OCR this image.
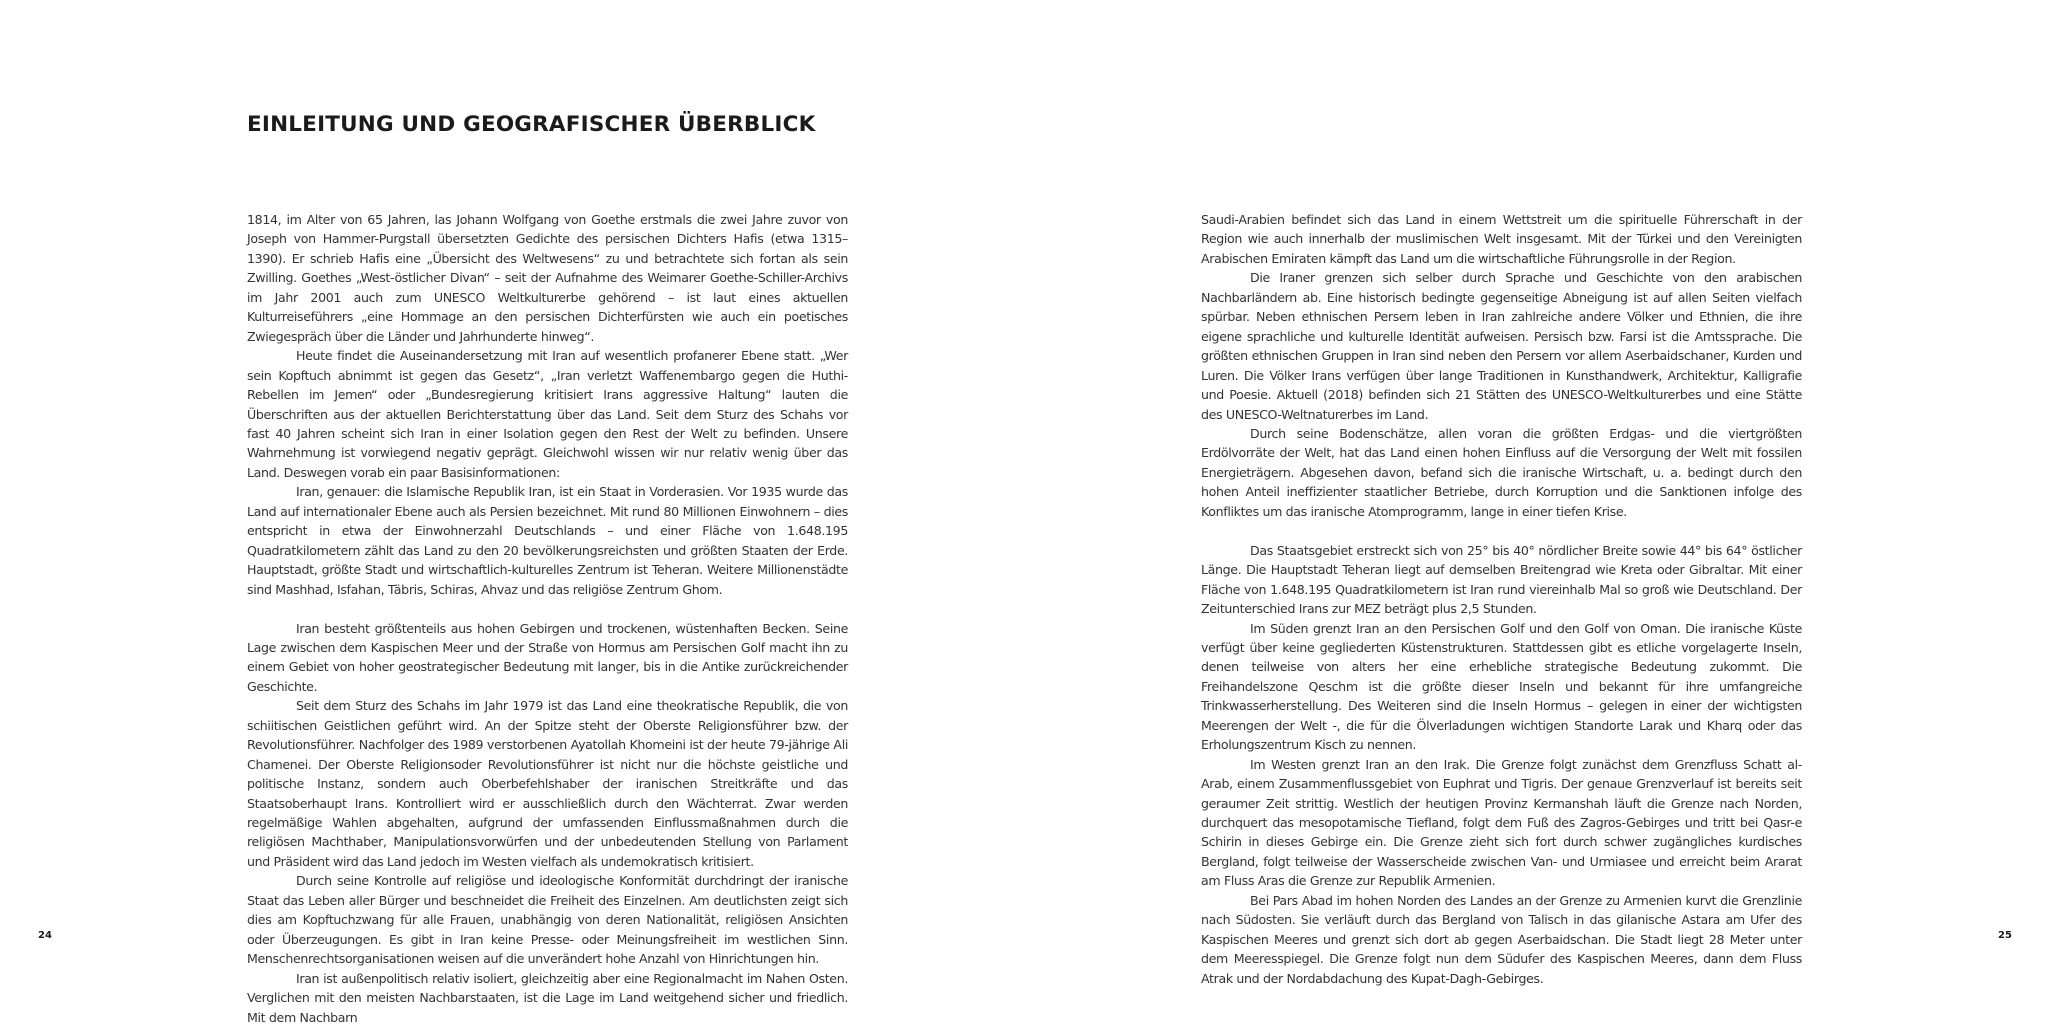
EINLEITUNG UND GEOGRAFISCHER ÜBERBLICK

1814, im Alter von 65 Jahren, las Johann Wolfgang von Goethe erstmals die zwei Jahre zuvor von Joseph von Hammer-Purgstall übersetzten Gedichte des persischen Dichters Hafis (etwa 1315–1390). Er schrieb Hafis eine „Übersicht des Weltwesens“ zu und betrachtete sich fortan als sein Zwilling. Goethes „West-östlicher Divan“ – seit der Aufnahme des Weimarer Goethe-Schiller-Archivs im Jahr 2001 auch zum UNESCO Weltkulturerbe gehörend – ist laut eines aktuellen Kulturreiseführers „eine Hommage an den persischen Dichterfürsten wie auch ein poetisches Zwiegespräch über die Länder und Jahrhunderte hinweg“.

Heute findet die Auseinandersetzung mit Iran auf wesentlich profanerer Ebene statt. „Wer sein Kopftuch abnimmt ist gegen das Gesetz“, „Iran verletzt Waffenembargo gegen die Huthi-Rebellen im Jemen“ oder „Bundesregierung kritisiert Irans aggressive Haltung“ lauten die Überschriften aus der aktuellen Berichterstattung über das Land. Seit dem Sturz des Schahs vor fast 40 Jahren scheint sich Iran in einer Isolation gegen den Rest der Welt zu befinden. Unsere Wahrnehmung ist vorwiegend negativ geprägt. Gleichwohl wissen wir nur relativ wenig über das Land. Deswegen vorab ein paar Basisinformationen:

Iran, genauer: die Islamische Republik Iran, ist ein Staat in Vorderasien. Vor 1935 wurde das Land auf internationaler Ebene auch als Persien bezeichnet. Mit rund 80 Millionen Einwohnern – dies entspricht in etwa der Einwohnerzahl Deutschlands – und einer Fläche von 1.648.195 Quadratkilometern zählt das Land zu den 20 bevölkerungsreichsten und größten Staaten der Erde. Hauptstadt, größte Stadt und wirtschaftlich-kulturelles Zentrum ist Teheran. Weitere Millionenstädte sind Mashhad, Isfahan, Täbris, Schiras, Ahvaz und das religiöse Zentrum Ghom.

Iran besteht größtenteils aus hohen Gebirgen und trockenen, wüstenhaften Becken. Seine Lage zwischen dem Kaspischen Meer und der Straße von Hormus am Persischen Golf macht ihn zu einem Gebiet von hoher geostrategischer Bedeutung mit langer, bis in die Antike zurückreichender Geschichte.

Seit dem Sturz des Schahs im Jahr 1979 ist das Land eine theokratische Republik, die von schiitischen Geistlichen geführt wird. An der Spitze steht der Oberste Religionsführer bzw. der Revolutionsführer. Nachfolger des 1989 verstorbenen Ayatollah Khomeini ist der heute 79-jährige Ali Chamenei. Der Oberste Religionsoder Revolutionsführer ist nicht nur die höchste geistliche und politische Instanz, sondern auch Oberbefehlshaber der iranischen Streitkräfte und das Staatsoberhaupt Irans. Kontrolliert wird er ausschließlich durch den Wächterrat. Zwar werden regelmäßige Wahlen abgehalten, aufgrund der umfassenden Einflussmaßnahmen durch die religiösen Machthaber, Manipulationsvorwürfen und der unbedeutenden Stellung von Parlament und Präsident wird das Land jedoch im Westen vielfach als undemokratisch kritisiert.

Durch seine Kontrolle auf religiöse und ideologische Konformität durchdringt der iranische Staat das Leben aller Bürger und beschneidet die Freiheit des Einzelnen. Am deutlichsten zeigt sich dies am Kopftuchzwang für alle Frauen, unabhängig von deren Nationalität, religiösen Ansichten oder Überzeugungen. Es gibt in Iran keine Presse- oder Meinungsfreiheit im westlichen Sinn. Menschenrechtsorganisationen weisen auf die unverändert hohe Anzahl von Hinrichtungen hin.

Iran ist außenpolitisch relativ isoliert, gleichzeitig aber eine Regionalmacht im Nahen Osten. Verglichen mit den meisten Nachbarstaaten, ist die Lage im Land weitgehend sicher und friedlich. Mit dem Nachbarn

24

Saudi-Arabien befindet sich das Land in einem Wettstreit um die spirituelle Führerschaft in der Region wie auch innerhalb der muslimischen Welt insgesamt. Mit der Türkei und den Vereinigten Arabischen Emiraten kämpft das Land um die wirtschaftliche Führungsrolle in der Region.

Die Iraner grenzen sich selber durch Sprache und Geschichte von den arabischen Nachbarländern ab. Eine historisch bedingte gegenseitige Abneigung ist auf allen Seiten vielfach spürbar. Neben ethnischen Persern leben in Iran zahlreiche andere Völker und Ethnien, die ihre eigene sprachliche und kulturelle Identität aufweisen. Persisch bzw. Farsi ist die Amtssprache. Die größten ethnischen Gruppen in Iran sind neben den Persern vor allem Aserbaidschaner, Kurden und Luren. Die Völker Irans verfügen über lange Traditionen in Kunsthandwerk, Architektur, Kalligrafie und Poesie. Aktuell (2018) befinden sich 21 Stätten des UNESCO-Weltkulturerbes und eine Stätte des UNESCO-Weltnaturerbes im Land.

Durch seine Bodenschätze, allen voran die größten Erdgas- und die viertgrößten Erdölvorräte der Welt, hat das Land einen hohen Einfluss auf die Versorgung der Welt mit fossilen Energieträgern. Abgesehen davon, befand sich die iranische Wirtschaft, u. a. bedingt durch den hohen Anteil ineffizienter staatlicher Betriebe, durch Korruption und die Sanktionen infolge des Konfliktes um das iranische Atomprogramm, lange in einer tiefen Krise.

Das Staatsgebiet erstreckt sich von 25° bis 40° nördlicher Breite sowie 44° bis 64° östlicher Länge. Die Hauptstadt Teheran liegt auf demselben Breitengrad wie Kreta oder Gibraltar. Mit einer Fläche von 1.648.195 Quadratkilometern ist Iran rund viereinhalb Mal so groß wie Deutschland. Der Zeitunterschied Irans zur MEZ beträgt plus 2,5 Stunden.

Im Süden grenzt Iran an den Persischen Golf und den Golf von Oman. Die iranische Küste verfügt über keine gegliederten Küstenstrukturen. Stattdessen gibt es etliche vorgelagerte Inseln, denen teilweise von alters her eine erhebliche strategische Bedeutung zukommt. Die Freihandelszone Qeschm ist die größte dieser Inseln und bekannt für ihre umfangreiche Trinkwasserherstellung. Des Weiteren sind die Inseln Hormus – gelegen in einer der wichtigsten Meerengen der Welt -, die für die Ölverladungen wichtigen Standorte Larak und Kharq oder das Erholungszentrum Kisch zu nennen.

Im Westen grenzt Iran an den Irak. Die Grenze folgt zunächst dem Grenzfluss Schatt al-Arab, einem Zusammenflussgebiet von Euphrat und Tigris. Der genaue Grenzverlauf ist bereits seit geraumer Zeit strittig. Westlich der heutigen Provinz Kermanshah läuft die Grenze nach Norden, durchquert das mesopotamische Tiefland, folgt dem Fuß des Zagros-Gebirges und tritt bei Qasr-e Schirin in dieses Gebirge ein. Die Grenze zieht sich fort durch schwer zugängliches kurdisches Bergland, folgt teilweise der Wasserscheide zwischen Van- und Urmiasee und erreicht beim Ararat am Fluss Aras die Grenze zur Republik Armenien.

Bei Pars Abad im hohen Norden des Landes an der Grenze zu Armenien kurvt die Grenzlinie nach Südosten. Sie verläuft durch das Bergland von Talisch in das gilanische Astara am Ufer des Kaspischen Meeres und grenzt sich dort ab gegen Aserbaidschan. Die Stadt liegt 28 Meter unter dem Meeresspiegel. Die Grenze folgt nun dem Südufer des Kaspischen Meeres, dann dem Fluss Atrak und der Nordabdachung des Kupat-Dagh-Gebirges.

25
